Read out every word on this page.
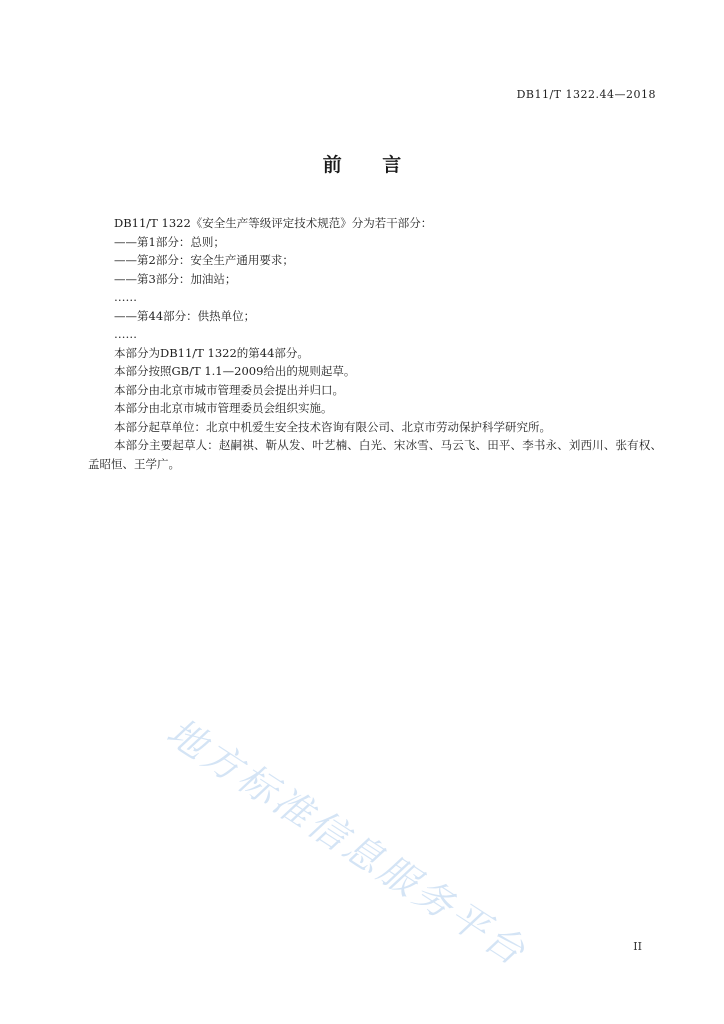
DB11/T 1322.44—2018
前 言

DB11/T 1322《安全生产等级评定技术规范》分为若干部分：

——第1部分：总则；

——第2部分：安全生产通用要求；

——第3部分：加油站；

……

——第44部分：供热单位；

……

本部分为DB11/T 1322的第44部分。

本部分按照GB/T 1.1—2009给出的规则起草。

本部分由北京市城市管理委员会提出并归口。

本部分由北京市城市管理委员会组织实施。

本部分起草单位：北京中机爱生安全技术咨询有限公司、北京市劳动保护科学研究所。

本部分主要起草人：赵嗣祺、靳从发、叶艺楠、白光、宋冰雪、马云飞、田平、李书永、刘西川、张有权、孟昭恒、王学广。

地方标准信息服务平台	II
